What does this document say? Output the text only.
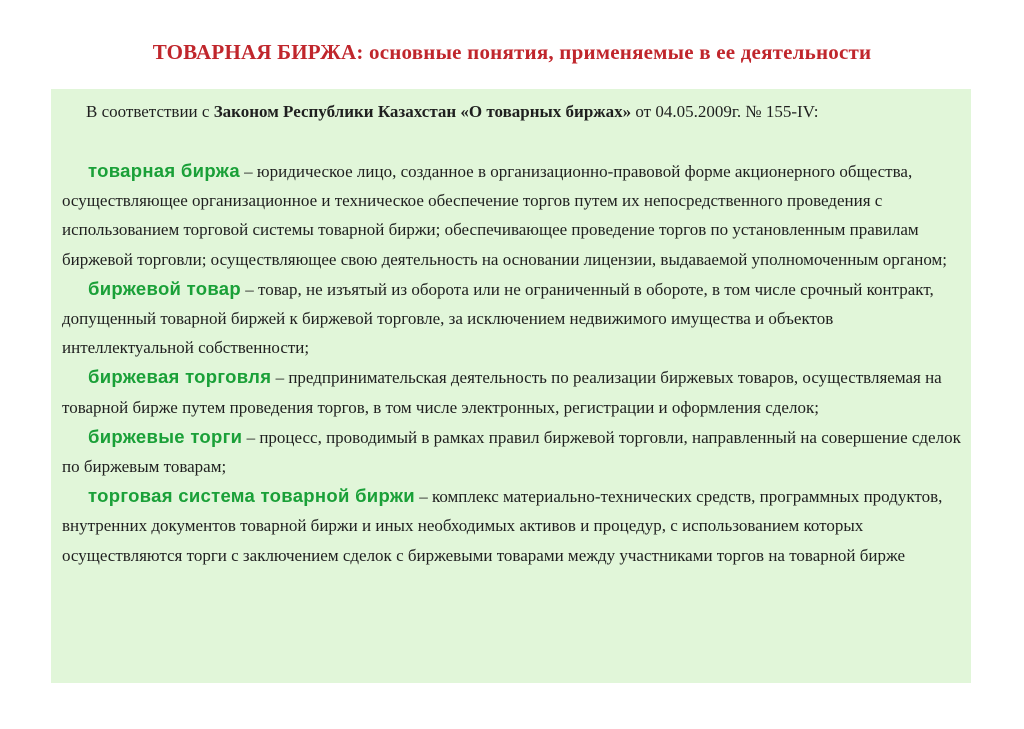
ТОВАРНАЯ БИРЖА: основные понятия, применяемые в ее деятельности
В соответствии с Законом Республики Казахстан «О товарных биржах» от 04.05.2009г. № 155-IV:

товарная биржа – юридическое лицо, созданное в организационно-правовой форме акционерного общества, осуществляющее организационное и техническое обеспечение торгов путем их непосредственного проведения с использованием торговой системы товарной биржи; обеспечивающее проведение торгов по установленным правилам биржевой торговли; осуществляющее свою деятельность на основании лицензии, выдаваемой уполномоченным органом;

биржевой товар – товар, не изъятый из оборота или не ограниченный в обороте, в том числе срочный контракт, допущенный товарной биржей к биржевой торговле, за исключением недвижимого имущества и объектов интеллектуальной собственности;

биржевая торговля – предпринимательская деятельность по реализации биржевых товаров, осуществляемая на товарной бирже путем проведения торгов, в том числе электронных, регистрации и оформления сделок;

биржевые торги – процесс, проводимый в рамках правил биржевой торговли, направленный на совершение сделок по биржевым товарам;

торговая система товарной биржи – комплекс материально-технических средств, программных продуктов, внутренних документов товарной биржи и иных необходимых активов и процедур, с использованием которых осуществляются торги с заключением сделок с биржевыми товарами между участниками торгов на товарной бирже
